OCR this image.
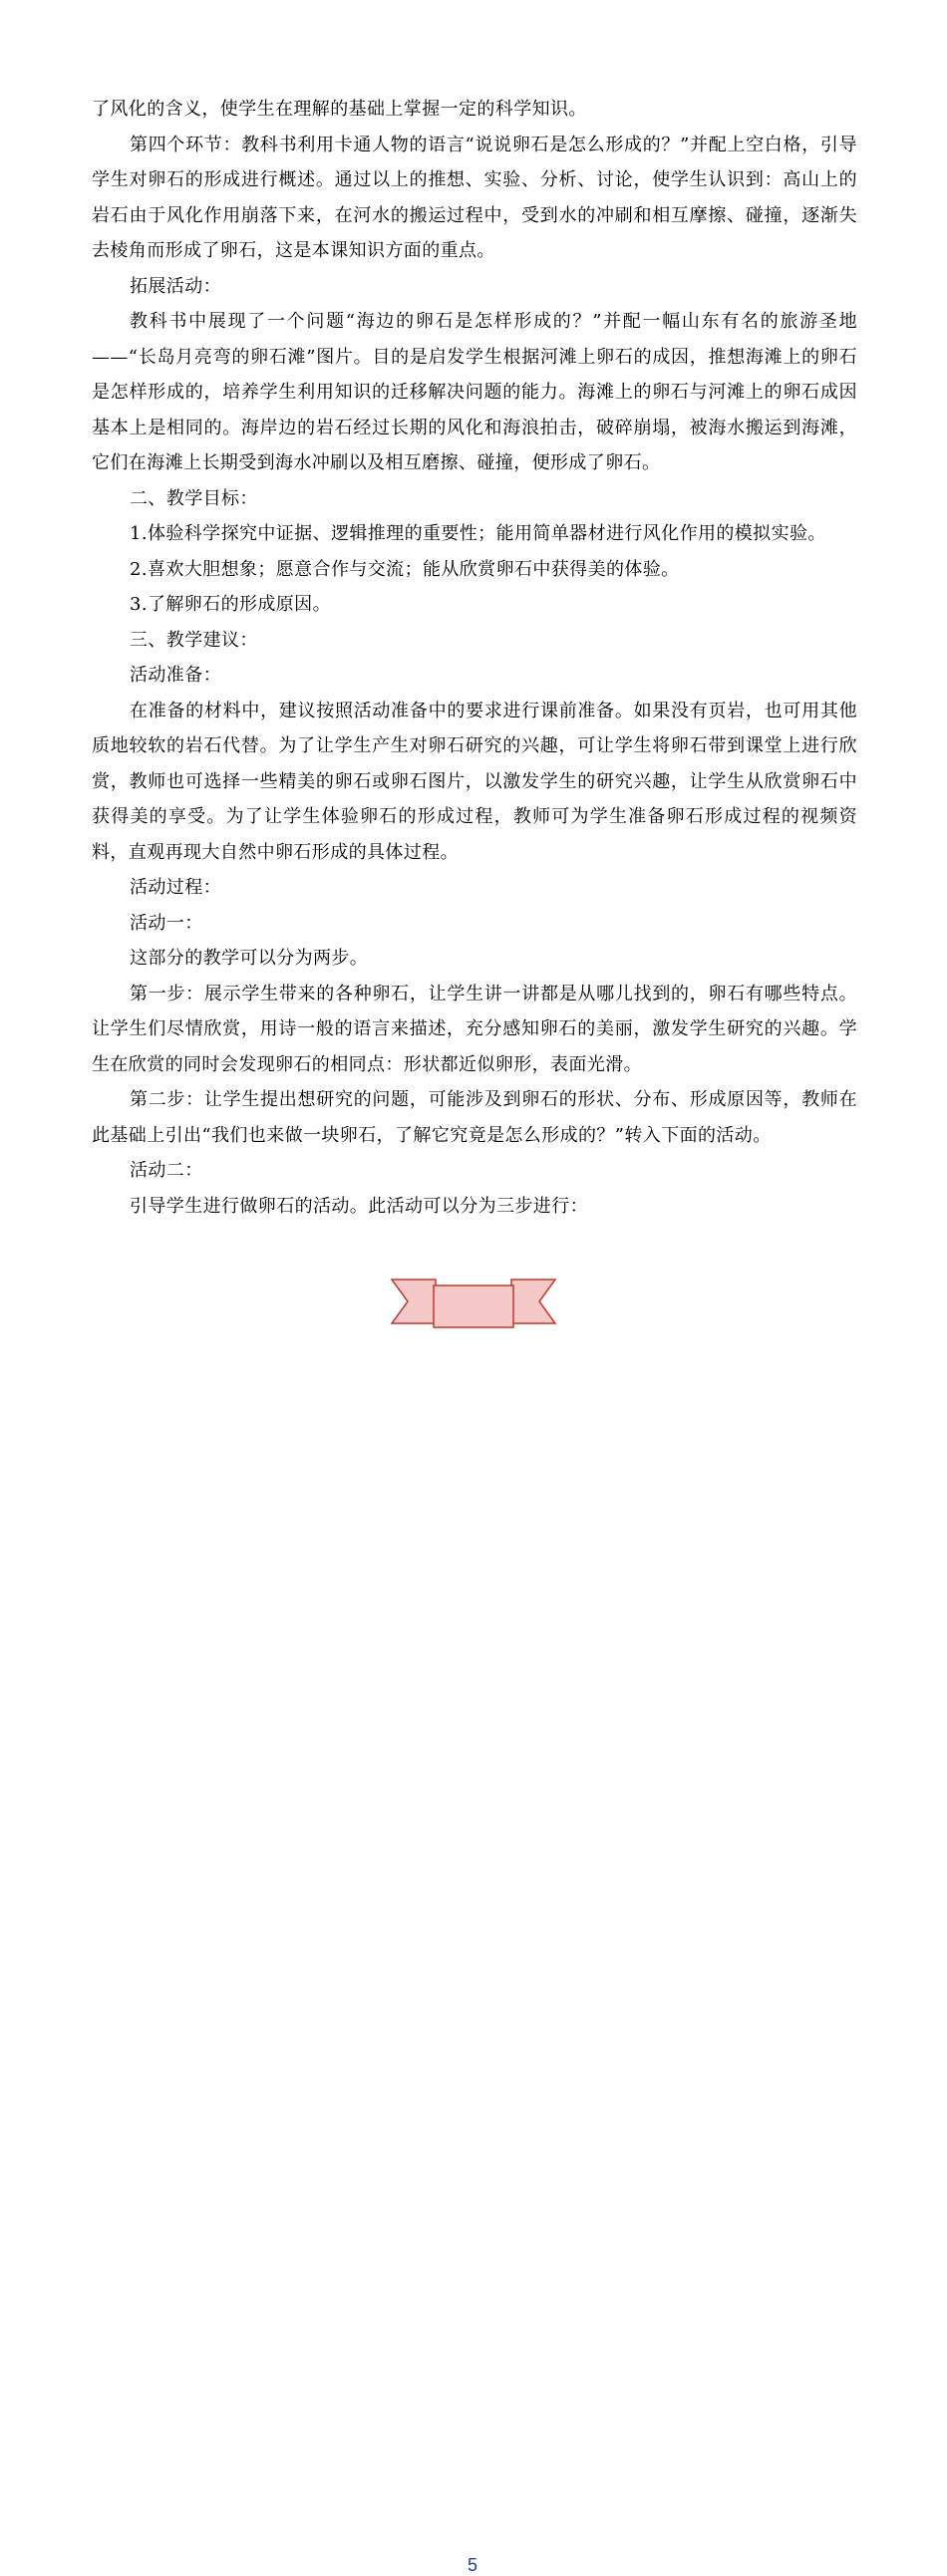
了风化的含义，使学生在理解的基础上掌握一定的科学知识。

第四个环节：教科书利用卡通人物的语言“说说卵石是怎么形成的？”并配上空白格，引导学生对卵石的形成进行概述。通过以上的推想、实验、分析、讨论，使学生认识到：高山上的岩石由于风化作用崩落下来，在河水的搬运过程中，受到水的冲刷和相互摩擦、碰撞，逐渐失去棱角而形成了卵石，这是本课知识方面的重点。

拓展活动：

教科书中展现了一个问题“海边的卵石是怎样形成的？”并配一幅山东有名的旅游圣地——“长岛月亮弯的卵石滩”图片。目的是启发学生根据河滩上卵石的成因，推想海滩上的卵石是怎样形成的，培养学生利用知识的迁移解决问题的能力。海滩上的卵石与河滩上的卵石成因基本上是相同的。海岸边的岩石经过长期的风化和海浪拍击，破碎崩塌，被海水搬运到海滩，它们在海滩上长期受到海水冲刷以及相互磨擦、碰撞，便形成了卵石。

二、教学目标：

1.体验科学探究中证据、逻辑推理的重要性；能用简单器材进行风化作用的模拟实验。

2.喜欢大胆想象；愿意合作与交流；能从欣赏卵石中获得美的体验。

3.了解卵石的形成原因。

三、教学建议：

活动准备：

在准备的材料中，建议按照活动准备中的要求进行课前准备。如果没有页岩，也可用其他质地较软的岩石代替。为了让学生产生对卵石研究的兴趣，可让学生将卵石带到课堂上进行欣赏，教师也可选择一些精美的卵石或卵石图片，以激发学生的研究兴趣，让学生从欣赏卵石中获得美的享受。为了让学生体验卵石的形成过程，教师可为学生准备卵石形成过程的视频资料，直观再现大自然中卵石形成的具体过程。

活动过程：

活动一：

这部分的教学可以分为两步。

第一步：展示学生带来的各种卵石，让学生讲一讲都是从哪儿找到的，卵石有哪些特点。让学生们尽情欣赏，用诗一般的语言来描述，充分感知卵石的美丽，激发学生研究的兴趣。学生在欣赏的同时会发现卵石的相同点：形状都近似卵形，表面光滑。

第二步：让学生提出想研究的问题，可能涉及到卵石的形状、分布、形成原因等，教师在此基础上引出“我们也来做一块卵石，了解它究竟是怎么形成的？”转入下面的活动。

活动二：

引导学生进行做卵石的活动。此活动可以分为三步进行：

5
